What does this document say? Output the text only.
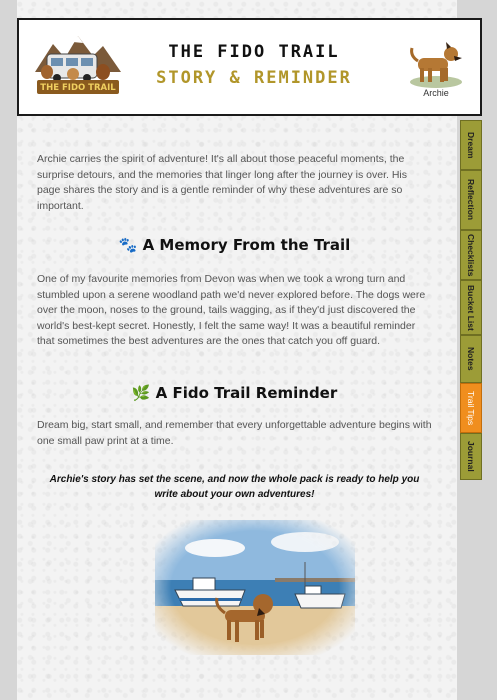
THE FIDO TRAIL
THE FIDO TRAIL
STORY & REMINDER
Archie

Archie carries the spirit of adventure! It's all about those peaceful moments, the surprise detours, and the memories that linger long after the journey is over. His page shares the story and is a gentle reminder of why these adventures are so important.

🐾 A Memory From the Trail

One of my favourite memories from Devon was when we took a wrong turn and stumbled upon a serene woodland path we'd never explored before. The dogs were over the moon, noses to the ground, tails wagging, as if they'd just discovered the world's best-kept secret. Honestly, I felt the same way! It was a beautiful reminder that sometimes the best adventures are the ones that catch you off guard.

🌿 A Fido Trail Reminder

Dream big, start small, and remember that every unforgettable adventure begins with one small paw print at a time.

Archie's story has set the scene, and now the whole pack is ready to help you write about your own adventures!

Dream
Reflection
Checklists
Bucket List
Notes
Trail Tips
Journal
